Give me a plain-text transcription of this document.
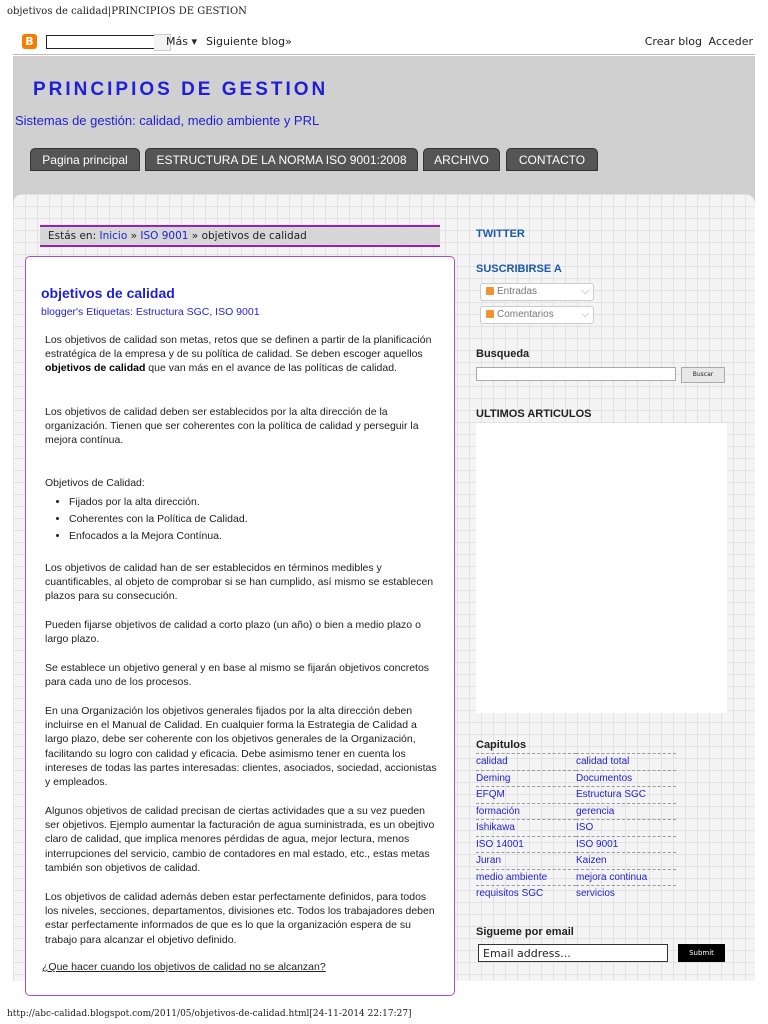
objetivos de calidad|PRINCIPIOS DE GESTION
B	Más ▾ Siguiente blog»	Crear blog Acceder
PRINCIPIOS DE GESTION
Sistemas de gestión: calidad, medio ambiente y PRL
Pagina principal	ESTRUCTURA DE LA NORMA ISO 9001:2008	ARCHIVO	CONTACTO
Estás en: Inicio » ISO 9001 » objetivos de calidad
objetivos de calidad
blogger's Etiquetas: Estructura SGC, ISO 9001
Los objetivos de calidad son metas, retos que se definen a partir de la planificación estratégica de la empresa y de su política de calidad. Se deben escoger aquellos objetivos de calidad que van más en el avance de las políticas de calidad.
Los objetivos de calidad deben ser establecidos por la alta dirección de la organización. Tienen que ser coherentes con la política de calidad y perseguir la mejora contínua.
Objetivos de Calidad:
• Fijados por la alta dirección.
• Coherentes con la Política de Calidad.
• Enfocados a la Mejora Contínua.
Los objetivos de calidad han de ser establecidos en términos medibles y cuantificables, al objeto de comprobar si se han cumplido, así mismo se establecen plazos para su consecución.
Pueden fijarse objetivos de calidad a corto plazo (un año) o bien a medio plazo o largo plazo.
Se establece un objetivo general y en base al mismo se fijarán objetivos concretos para cada uno de los procesos.
En una Organización los objetivos generales fijados por la alta dirección deben incluirse en el Manual de Calidad. En cualquier forma la Estrategia de Calidad a largo plazo, debe ser coherente con los objetivos generales de la Organización, facilitando su logro con calidad y eficacia. Debe asimismo tener en cuenta los intereses de todas las partes interesadas: clientes, asociados, sociedad, accionistas y empleados.
Algunos objetivos de calidad precisan de ciertas actividades que a su vez pueden ser objetivos. Ejemplo aumentar la facturación de agua suministrada, es un obejtivo claro de calidad, que implica menores pérdidas de agua, mejor lectura, menos interrupciones del servicio, cambio de contadores en mal estado, etc., estas metas también son objetivos de calidad.
Los objetivos de calidad además deben estar perfectamente definidos, para todos los niveles, secciones, departamentos, divisiones etc. Todos los trabajadores deben estar perfectamente informados de que es lo que la organización espera de su trabajo para alcanzar el objetivo definido.
¿Que hacer cuando los objetivos de calidad no se alcanzan?
TWITTER
SUSCRIBIRSE A
Entradas	⌵
Comentarios	⌵
Busqueda
Buscar
ULTIMOS ARTICULOS
Capitulos
calidad	calidad total
Deming	Documentos
EFQM	Estructura SGC
formación	gerencia
Ishikawa	ISO
ISO 14001	ISO 9001
Juran	Kaizen
medio ambiente	mejora continua
requisitos SGC	servicios
Sigueme por email
Email address...	Submit
http://abc-calidad.blogspot.com/2011/05/objetivos-de-calidad.html[24-11-2014 22:17:27]
